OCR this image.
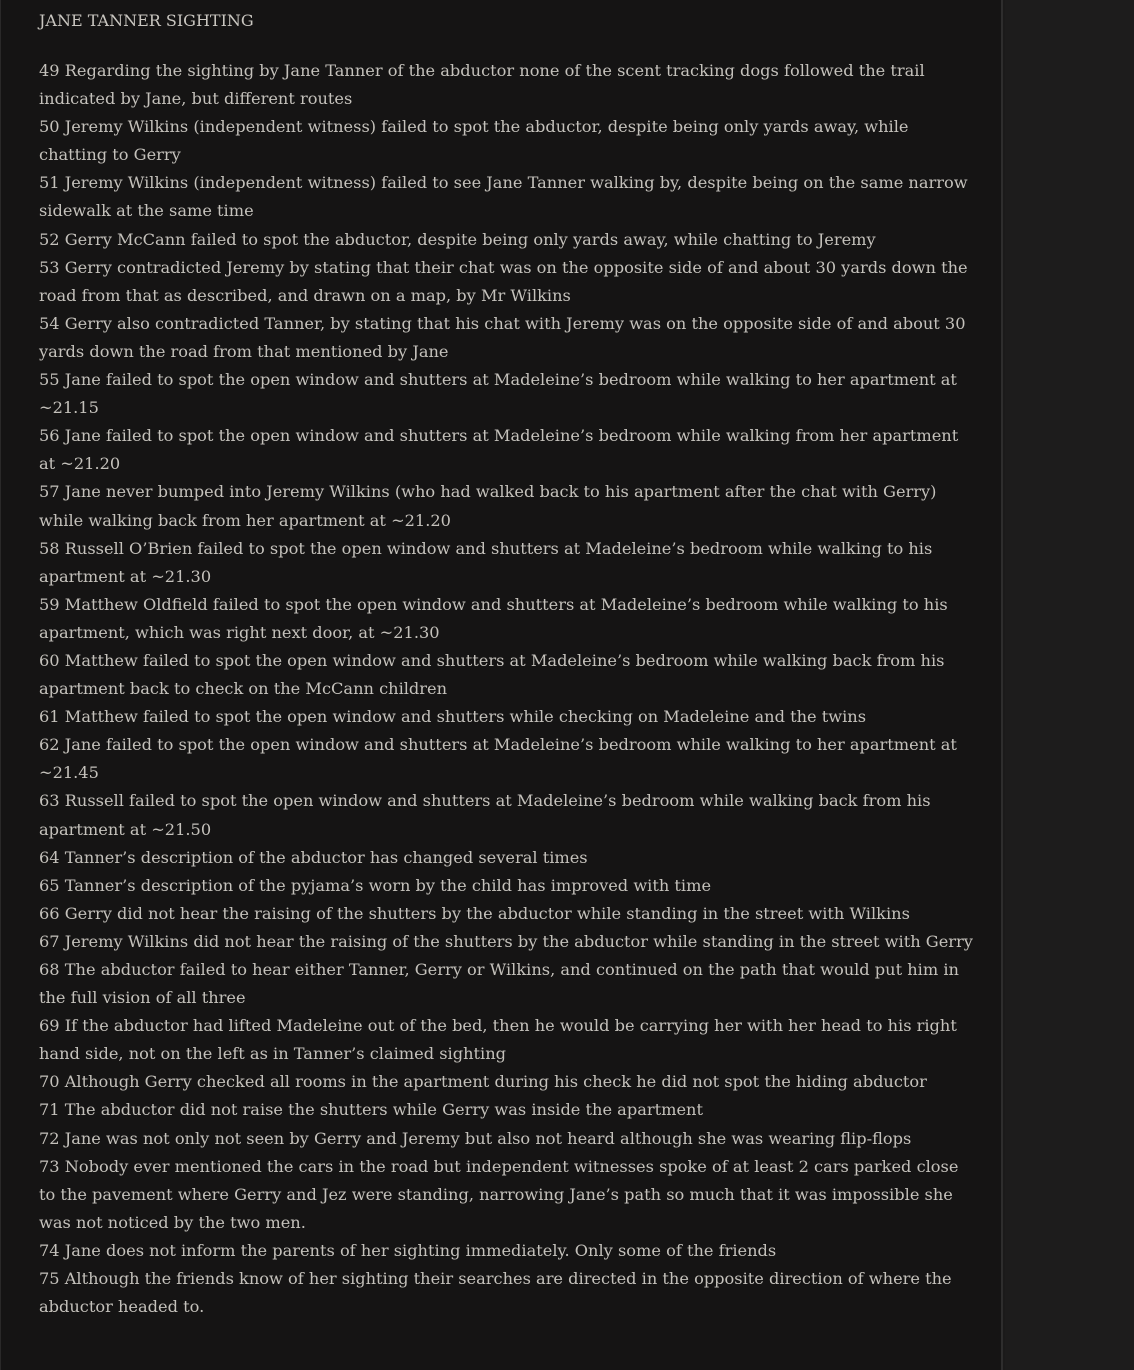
JANE TANNER SIGHTING
49 Regarding the sighting by Jane Tanner of the abductor none of the scent tracking dogs followed the trail indicated by Jane, but different routes
50 Jeremy Wilkins (independent witness) failed to spot the abductor, despite being only yards away, while chatting to Gerry
51 Jeremy Wilkins (independent witness) failed to see Jane Tanner walking by, despite being on the same narrow sidewalk at the same time
52 Gerry McCann failed to spot the abductor, despite being only yards away, while chatting to Jeremy
53 Gerry contradicted Jeremy by stating that their chat was on the opposite side of and about 30 yards down the road from that as described, and drawn on a map, by Mr Wilkins
54 Gerry also contradicted Tanner, by stating that his chat with Jeremy was on the opposite side of and about 30 yards down the road from that mentioned by Jane
55 Jane failed to spot the open window and shutters at Madeleine’s bedroom while walking to her apartment at ~21.15
56 Jane failed to spot the open window and shutters at Madeleine’s bedroom while walking from her apartment at ~21.20
57 Jane never bumped into Jeremy Wilkins (who had walked back to his apartment after the chat with Gerry) while walking back from her apartment at ~21.20
58 Russell O’Brien failed to spot the open window and shutters at Madeleine’s bedroom while walking to his apartment at ~21.30
59 Matthew Oldfield failed to spot the open window and shutters at Madeleine’s bedroom while walking to his apartment, which was right next door, at ~21.30
60 Matthew failed to spot the open window and shutters at Madeleine’s bedroom while walking back from his apartment back to check on the McCann children
61 Matthew failed to spot the open window and shutters while checking on Madeleine and the twins
62 Jane failed to spot the open window and shutters at Madeleine’s bedroom while walking to her apartment at ~21.45
63 Russell failed to spot the open window and shutters at Madeleine’s bedroom while walking back from his apartment at ~21.50
64 Tanner’s description of the abductor has changed several times
65 Tanner’s description of the pyjama’s worn by the child has improved with time
66 Gerry did not hear the raising of the shutters by the abductor while standing in the street with Wilkins
67 Jeremy Wilkins did not hear the raising of the shutters by the abductor while standing in the street with Gerry
68 The abductor failed to hear either Tanner, Gerry or Wilkins, and continued on the path that would put him in the full vision of all three
69 If the abductor had lifted Madeleine out of the bed, then he would be carrying her with her head to his right hand side, not on the left as in Tanner’s claimed sighting
70 Although Gerry checked all rooms in the apartment during his check he did not spot the hiding abductor
71 The abductor did not raise the shutters while Gerry was inside the apartment
72 Jane was not only not seen by Gerry and Jeremy but also not heard although she was wearing flip-flops
73 Nobody ever mentioned the cars in the road but independent witnesses spoke of at least 2 cars parked close to the pavement where Gerry and Jez were standing, narrowing Jane’s path so much that it was impossible she was not noticed by the two men.
74 Jane does not inform the parents of her sighting immediately. Only some of the friends
75 Although the friends know of her sighting their searches are directed in the opposite direction of where the abductor headed to.
